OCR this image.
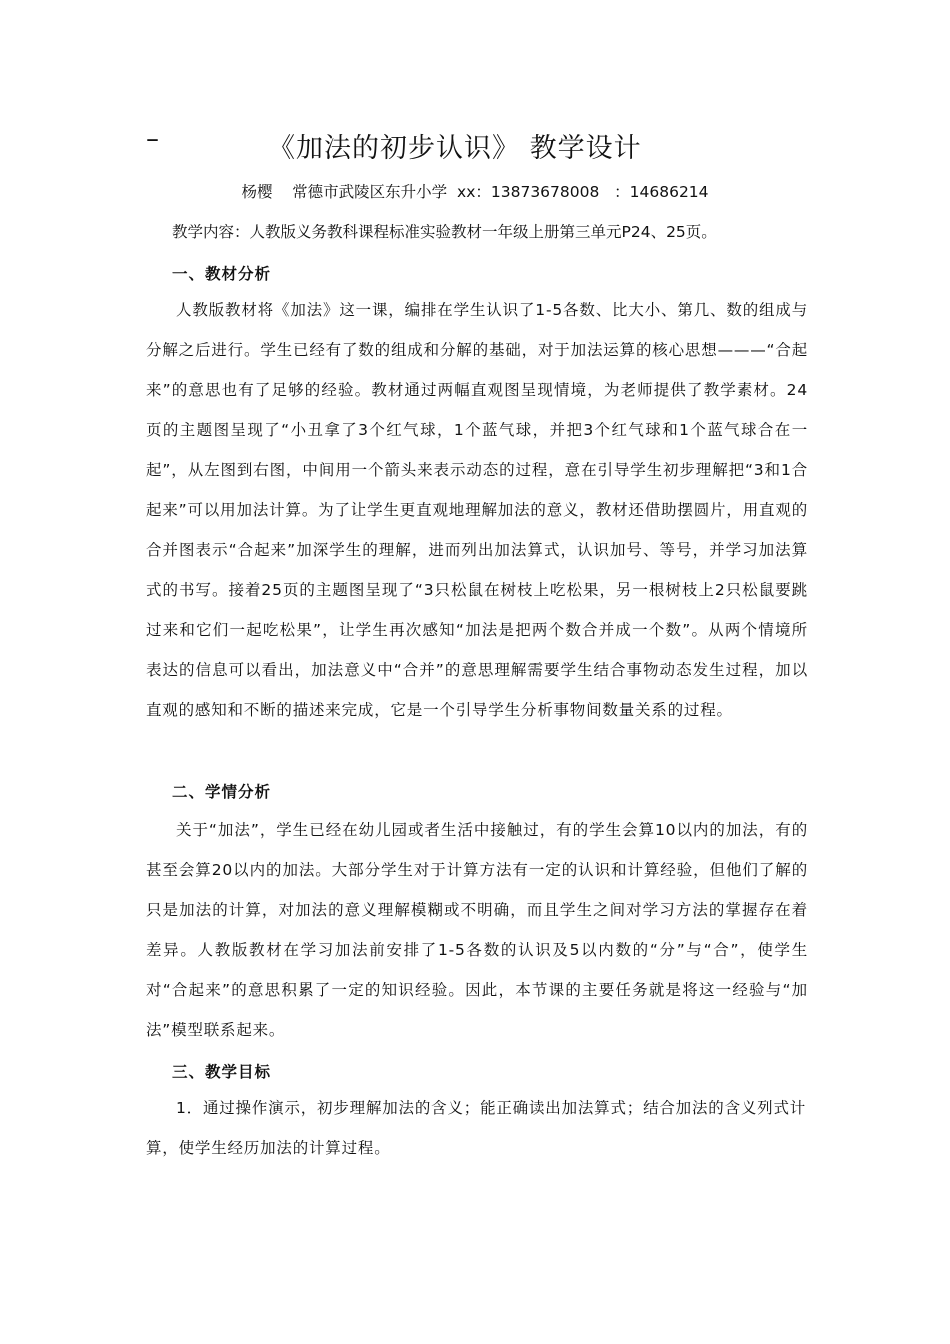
–	《加法的初步认识》 教学设计
杨樱    常德市武陵区东升小学  xx：13873678008   ：14686214
教学内容：人教版义务教科课程标准实验教材一年级上册第三单元P24、25页。
一、教材分析
人教版教材将《加法》这一课，编排在学生认识了1-5各数、比大小、第几、数的组成与分解之后进行。学生已经有了数的组成和分解的基础，对于加法运算的核心思想———“合起来”的意思也有了足够的经验。教材通过两幅直观图呈现情境，为老师提供了教学素材。24页的主题图呈现了“小丑拿了3个红气球，1个蓝气球，并把3个红气球和1个蓝气球合在一起”，从左图到右图，中间用一个箭头来表示动态的过程，意在引导学生初步理解把“3和1合起来”可以用加法计算。为了让学生更直观地理解加法的意义，教材还借助摆圆片，用直观的合并图表示“合起来”加深学生的理解，进而列出加法算式，认识加号、等号，并学习加法算式的书写。接着25页的主题图呈现了“3只松鼠在树枝上吃松果，另一根树枝上2只松鼠要跳过来和它们一起吃松果”，让学生再次感知“加法是把两个数合并成一个数”。从两个情境所表达的信息可以看出，加法意义中“合并”的意思理解需要学生结合事物动态发生过程，加以直观的感知和不断的描述来完成，它是一个引导学生分析事物间数量关系的过程。
二、学情分析
关于“加法”，学生已经在幼儿园或者生活中接触过，有的学生会算10以内的加法，有的甚至会算20以内的加法。大部分学生对于计算方法有一定的认识和计算经验，但他们了解的只是加法的计算，对加法的意义理解模糊或不明确，而且学生之间对学习方法的掌握存在着差异。人教版教材在学习加法前安排了1-5各数的认识及5以内数的“分”与“合”，使学生对“合起来”的意思积累了一定的知识经验。因此，本节课的主要任务就是将这一经验与“加法”模型联系起来。
三、教学目标
1．通过操作演示，初步理解加法的含义；能正确读出加法算式；结合加法的含义列式计算，使学生经历加法的计算过程。
